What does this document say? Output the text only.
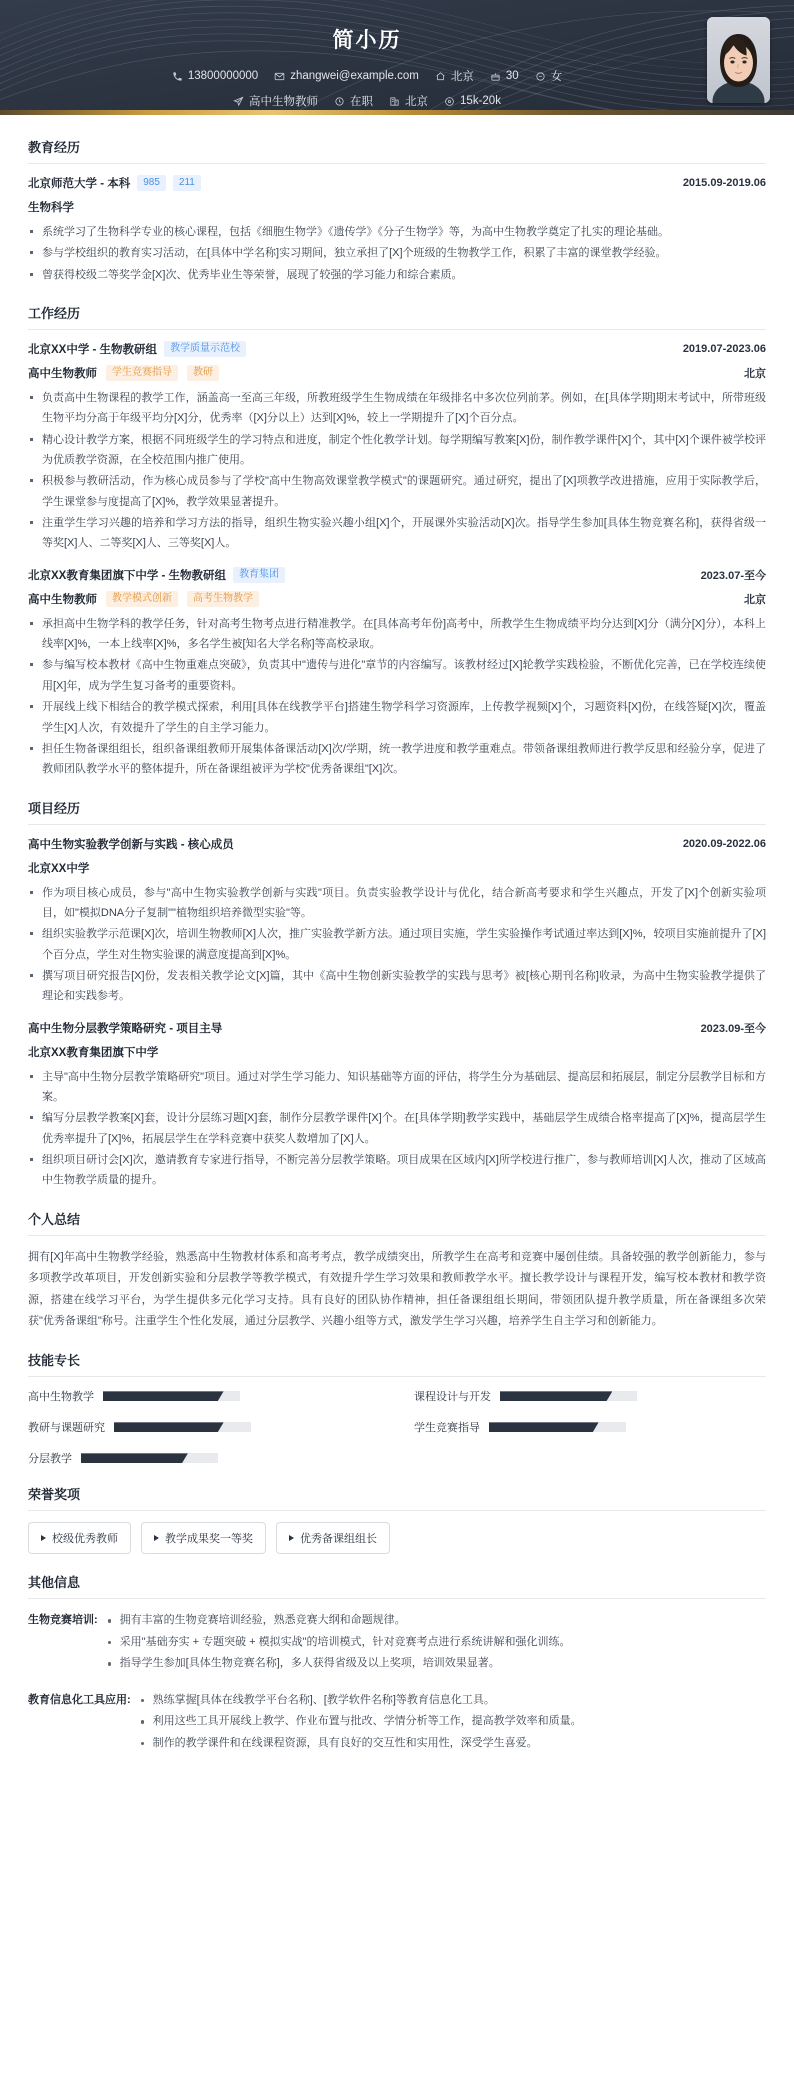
简小历
13800000000	zhangwei@example.com	北京	30	女
高中生物教师	在职	北京	15k-20k
教育经历
北京师范大学 - 本科	985	211	2015.09-2019.06
生物科学
系统学习了生物科学专业的核心课程，包括《细胞生物学》《遗传学》《分子生物学》等，为高中生物教学奠定了扎实的理论基础。
参与学校组织的教育实习活动，在[具体中学名称]实习期间，独立承担了[X]个班级的生物教学工作，积累了丰富的课堂教学经验。
曾获得校级二等奖学金[X]次、优秀毕业生等荣誉，展现了较强的学习能力和综合素质。
工作经历
北京XX中学 - 生物教研组	教学质量示范校	2019.07-2023.06
高中生物教师	学生竞赛指导	教研	北京
负责高中生物课程的教学工作，涵盖高一至高三年级，所教班级学生生物成绩在年级排名中多次位列前茅。例如，在[具体学期]期末考试中，所带班级生物平均分高于年级平均分[X]分，优秀率（[X]分以上）达到[X]%，较上一学期提升了[X]个百分点。
精心设计教学方案，根据不同班级学生的学习特点和进度，制定个性化教学计划。每学期编写教案[X]份，制作教学课件[X]个，其中[X]个课件被学校评为优质教学资源，在全校范围内推广使用。
积极参与教研活动，作为核心成员参与了学校"高中生物高效课堂教学模式"的课题研究。通过研究，提出了[X]项教学改进措施，应用于实际教学后，学生课堂参与度提高了[X]%，教学效果显著提升。
注重学生学习兴趣的培养和学习方法的指导，组织生物实验兴趣小组[X]个，开展课外实验活动[X]次。指导学生参加[具体生物竞赛名称]，获得省级一等奖[X]人、二等奖[X]人、三等奖[X]人。
北京XX教育集团旗下中学 - 生物教研组	教育集团	2023.07-至今
高中生物教师	教学模式创新	高考生物教学	北京
承担高中生物学科的教学任务，针对高考生物考点进行精准教学。在[具体高考年份]高考中，所教学生生物成绩平均分达到[X]分（满分[X]分），本科上线率[X]%，一本上线率[X]%，多名学生被[知名大学名称]等高校录取。
参与编写校本教材《高中生物重难点突破》，负责其中"遗传与进化"章节的内容编写。该教材经过[X]轮教学实践检验，不断优化完善，已在学校连续使用[X]年，成为学生复习备考的重要资料。
开展线上线下相结合的教学模式探索，利用[具体在线教学平台]搭建生物学科学习资源库，上传教学视频[X]个，习题资料[X]份，在线答疑[X]次，覆盖学生[X]人次，有效提升了学生的自主学习能力。
担任生物备课组组长，组织备课组教师开展集体备课活动[X]次/学期，统一教学进度和教学重难点。带领备课组教师进行教学反思和经验分享，促进了教师团队教学水平的整体提升，所在备课组被评为学校"优秀备课组"[X]次。
项目经历
高中生物实验教学创新与实践 - 核心成员	2020.09-2022.06
北京XX中学
作为项目核心成员，参与"高中生物实验教学创新与实践"项目。负责实验教学设计与优化，结合新高考要求和学生兴趣点，开发了[X]个创新实验项目，如"模拟DNA分子复制""植物组织培养微型实验"等。
组织实验教学示范课[X]次，培训生物教师[X]人次，推广实验教学新方法。通过项目实施，学生实验操作考试通过率达到[X]%，较项目实施前提升了[X]个百分点，学生对生物实验课的满意度提高到[X]%。
撰写项目研究报告[X]份，发表相关教学论文[X]篇，其中《高中生物创新实验教学的实践与思考》被[核心期刊名称]收录，为高中生物实验教学提供了理论和实践参考。
高中生物分层教学策略研究 - 项目主导	2023.09-至今
北京XX教育集团旗下中学
主导"高中生物分层教学策略研究"项目。通过对学生学习能力、知识基础等方面的评估，将学生分为基础层、提高层和拓展层，制定分层教学目标和方案。
编写分层教学教案[X]套，设计分层练习题[X]套，制作分层教学课件[X]个。在[具体学期]教学实践中，基础层学生成绩合格率提高了[X]%，提高层学生优秀率提升了[X]%，拓展层学生在学科竞赛中获奖人数增加了[X]人。
组织项目研讨会[X]次，邀请教育专家进行指导，不断完善分层教学策略。项目成果在区域内[X]所学校进行推广，参与教师培训[X]人次，推动了区域高中生物教学质量的提升。
个人总结

拥有[X]年高中生物教学经验，熟悉高中生物教材体系和高考考点，教学成绩突出，所教学生在高考和竞赛中屡创佳绩。具备较强的教学创新能力，参与多项教学改革项目，开发创新实验和分层教学等教学模式，有效提升学生学习效果和教师教学水平。擅长教学设计与课程开发，编写校本教材和教学资源，搭建在线学习平台，为学生提供多元化学习支持。具有良好的团队协作精神，担任备课组组长期间，带领团队提升教学质量，所在备课组多次荣获"优秀备课组"称号。注重学生个性化发展，通过分层教学、兴趣小组等方式，激发学生学习兴趣，培养学生自主学习和创新能力。

技能专长
高中生物教学	课程设计与开发
教研与课题研究	学生竞赛指导
分层教学
荣誉奖项
校级优秀教师	教学成果奖一等奖	优秀备课组组长
其他信息
生物竞赛培训:	拥有丰富的生物竞赛培训经验，熟悉竞赛大纲和命题规律。
采用"基础夯实 + 专题突破 + 模拟实战"的培训模式，针对竞赛考点进行系统讲解和强化训练。
指导学生参加[具体生物竞赛名称]，多人获得省级及以上奖项，培训效果显著。
教育信息化工具应用:	熟练掌握[具体在线教学平台名称]、[教学软件名称]等教育信息化工具。
利用这些工具开展线上教学、作业布置与批改、学情分析等工作，提高教学效率和质量。
制作的教学课件和在线课程资源，具有良好的交互性和实用性，深受学生喜爱。
